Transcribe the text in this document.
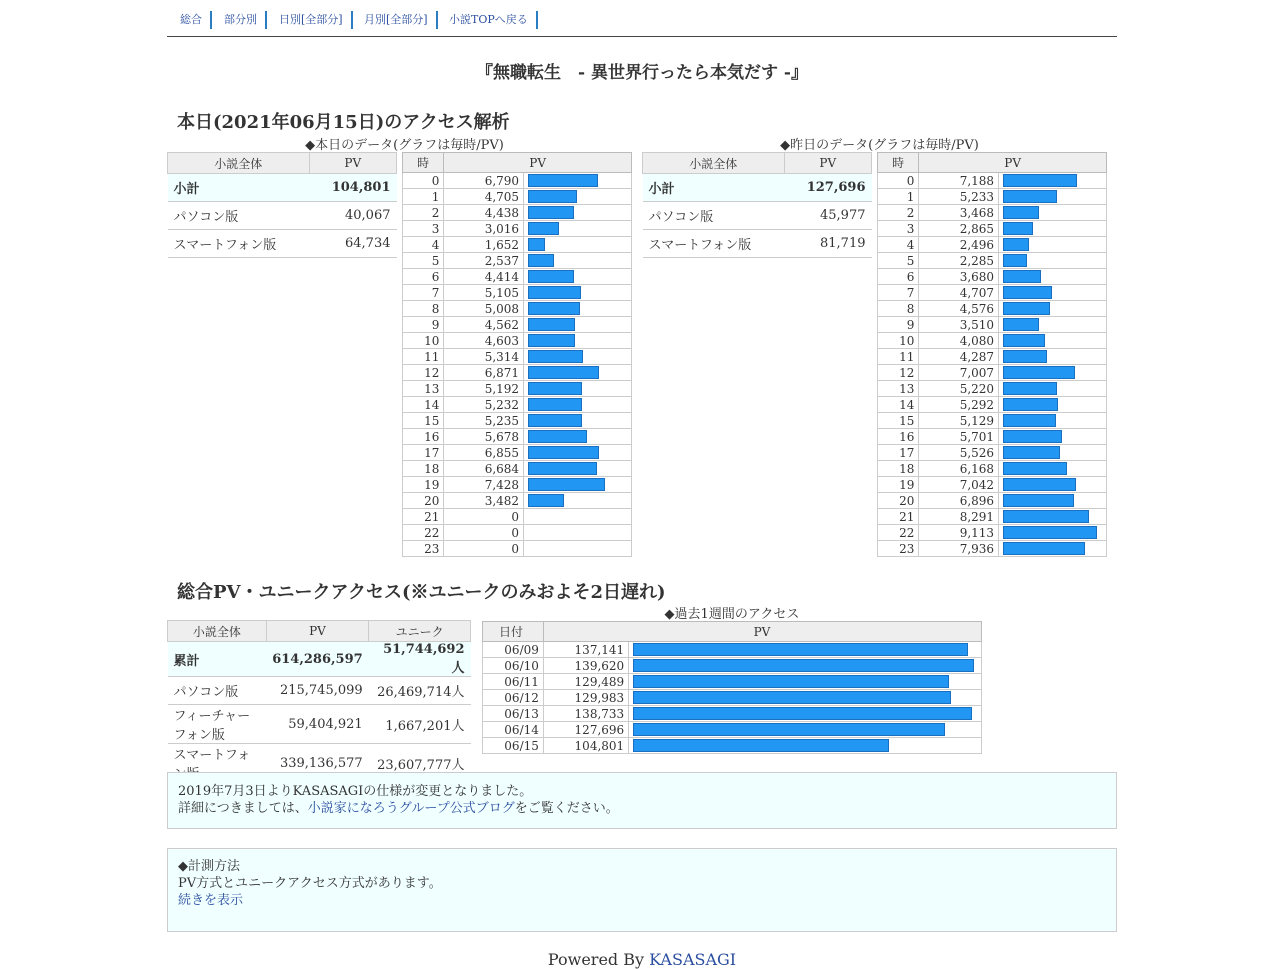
総合	部分別	日別[全部分]	月別[全部分]	小説TOPへ戻る
『無職転生　- 異世界行ったら本気だす -』
本日(2021年06月15日)のアクセス解析
◆本日のデータ(グラフは毎時/PV)	◆昨日のデータ(グラフは毎時/PV)
小説全体	PV
小計	104,801
パソコン版	40,067
スマートフォン版	64,734
時	PV	
0	6,790	

1	4,705	

2	4,438	

3	3,016	

4	1,652	

5	2,537	

6	4,414	

7	5,105	

8	5,008	

9	4,562	

10	4,603	

11	5,314	

12	6,871	

13	5,192	

14	5,232	

15	5,235	

16	5,678	

17	6,855	

18	6,684	

19	7,428	

20	3,482	

21	0	
22	0	
23	0	
小説全体	PV
小計	127,696
パソコン版	45,977
スマートフォン版	81,719
時	PV	
0	7,188	

1	5,233	

2	3,468	

3	2,865	

4	2,496	

5	2,285	

6	3,680	

7	4,707	

8	4,576	

9	3,510	

10	4,080	

11	4,287	

12	7,007	

13	5,220	

14	5,292	

15	5,129	

16	5,701	

17	5,526	

18	6,168	

19	7,042	

20	6,896	

21	8,291	

22	9,113	

23	7,936	
総合PV・ユニークアクセス(※ユニークのみおよそ2日遅れ)
小説全体	PV	ユニーク
累計	614,286,597	51,744,692人
パソコン版	215,745,099	26,469,714人
フィーチャーフォン版	59,404,921	1,667,201人
スマートフォ	339,136,577	23,607,777人
◆過去1週間のアクセス
日付	PV	
06/09	137,141	

06/10	139,620	

06/11	129,489	

06/12	129,983	

06/13	138,733	

06/14	127,696	

06/15	104,801	
2019年7月3日よりKASASAGIの仕様が変更となりました。
詳細につきましては、小説家になろうグループ公式ブログをご覧ください。
◆計測方法
PV方式とユニークアクセス方式があります。
続きを表示
Powered By KASASAGI
